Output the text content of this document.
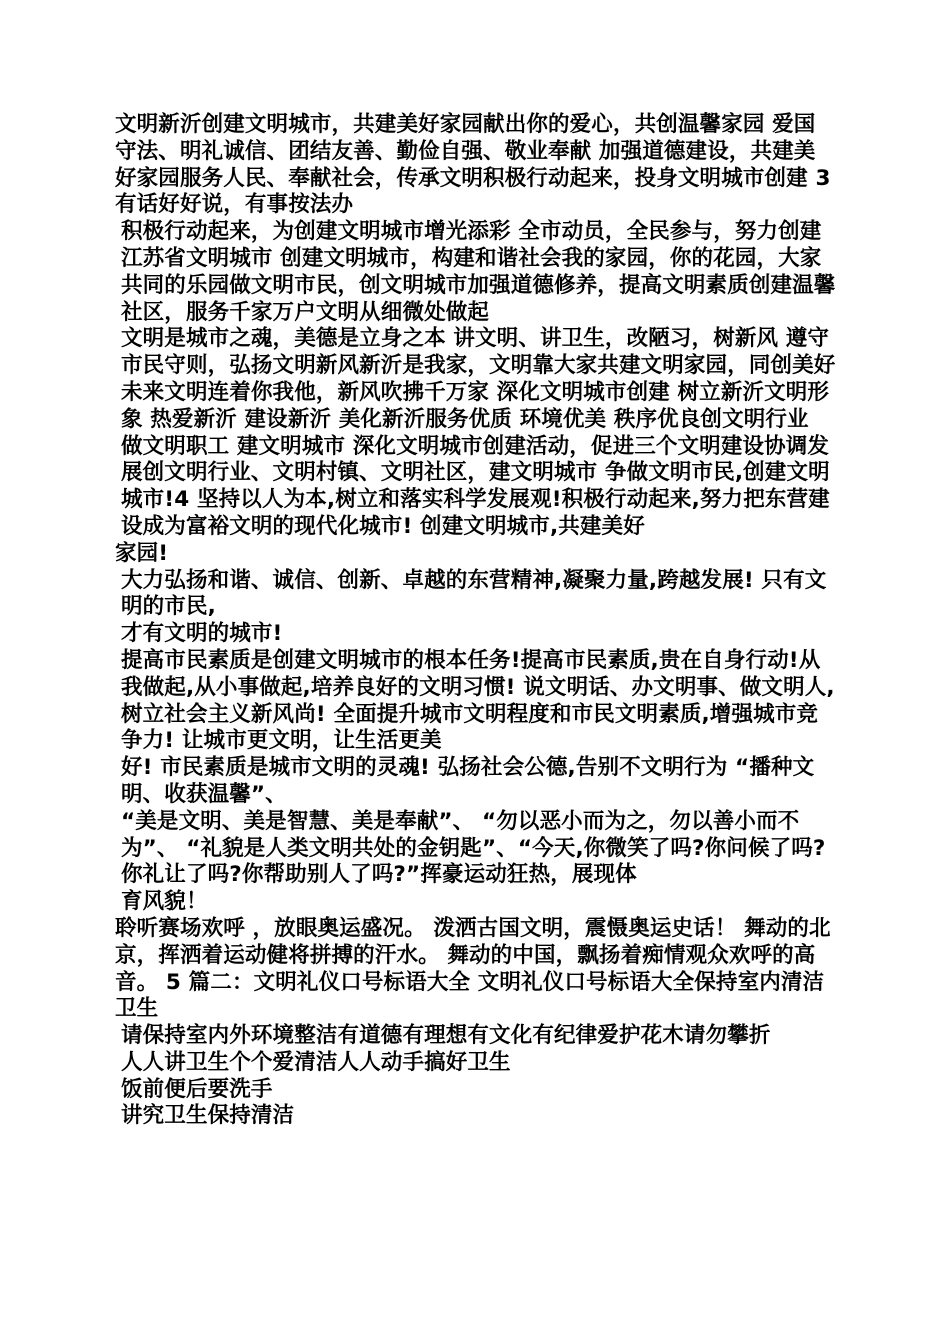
文明新沂创建文明城市，共建美好家园献出你的爱心，共创温馨家园 爱国守法、明礼诚信、团结友善、勤俭自强、敬业奉献 加强道德建设，共建美好家园服务人民、奉献社会，传承文明积极行动起来，投身文明城市创建 3 有话好好说，有事按法办

积极行动起来，为创建文明城市增光添彩 全市动员，全民参与，努力创建江苏省文明城市 创建文明城市，构建和谐社会我的家园，你的花园，大家共同的乐园做文明市民，创文明城市加强道德修养，提高文明素质创建温馨社区，服务千家万户文明从细微处做起

文明是城市之魂，美德是立身之本 讲文明、讲卫生，改陋习，树新风 遵守市民守则，弘扬文明新风新沂是我家，文明靠大家共建文明家园，同创美好未来文明连着你我他，新风吹拂千万家 深化文明城市创建 树立新沂文明形象 热爱新沂 建设新沂 美化新沂服务优质 环境优美 秩序优良创文明行业 做文明职工 建文明城市 深化文明城市创建活动，促进三个文明建设协调发展创文明行业、文明村镇、文明社区，建文明城市 争做文明市民,创建文明城市!4 坚持以人为本,树立和落实科学发展观!积极行动起来,努力把东营建设成为富裕文明的现代化城市! 创建文明城市,共建美好

家园!

大力弘扬和谐、诚信、创新、卓越的东营精神,凝聚力量,跨越发展! 只有文明的市民,

才有文明的城市!

提高市民素质是创建文明城市的根本任务!提高市民素质,贵在自身行动!从我做起,从小事做起,培养良好的文明习惯! 说文明话、办文明事、做文明人,树立社会主义新风尚! 全面提升城市文明程度和市民文明素质,增强城市竞争力! 让城市更文明，让生活更美

好! 市民素质是城市文明的灵魂! 弘扬社会公德,告别不文明行为 “播种文明、收获温馨”、

“美是文明、美是智慧、美是奉献”、 “勿以恶小而为之，勿以善小而不为”、 “礼貌是人类文明共处的金钥匙”、“今天,你微笑了吗?你问候了吗?你礼让了吗?你帮助别人了吗?”挥豪运动狂热，展现体

育风貌！

聆听赛场欢呼 ，放眼奥运盛况。 泼洒古国文明，震慑奥运史话！ 舞动的北京，挥洒着运动健将拼搏的汗水。 舞动的中国，飘扬着痴情观众欢呼的高音。 5 篇二：文明礼仪口号标语大全 文明礼仪口号标语大全保持室内清洁卫生

请保持室内外环境整洁有道德有理想有文化有纪律爱护花木请勿攀折

人人讲卫生个个爱清洁人人动手搞好卫生

饭前便后要洗手

讲究卫生保持清洁
